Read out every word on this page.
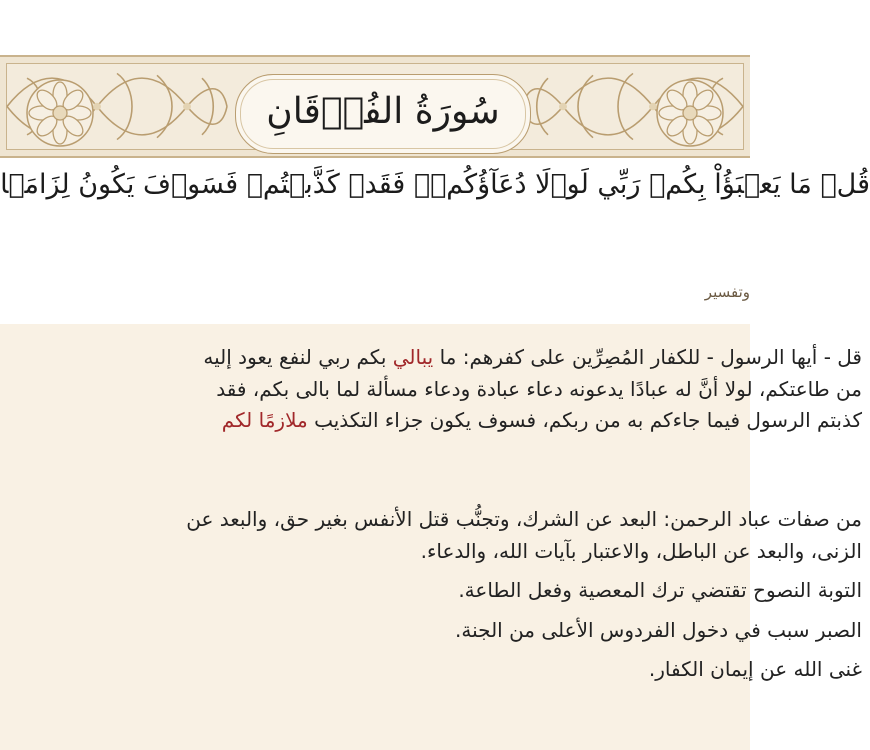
سُورَةُ الفُرۡقَانِ
قُلۡ مَا يَعۡبَؤُاْ بِكُمۡ رَبِّي لَوۡلَا دُعَآؤُكُمۡۖ فَقَدۡ كَذَّبۡتُمۡ فَسَوۡفَ يَكُونُ لِزَامَۢا
وتفسير

قل - أيها الرسول - للكفار المُصِرِّين على كفرهم: ما يبالي بكم ربي لنفع يعود إليه

من طاعتكم، لولا أنَّ له عبادًا يدعونه دعاء عبادة ودعاء مسألة لما بالى بكم، فقد

كذبتم الرسول فيما جاءكم به من ربكم، فسوف يكون جزاء التكذيب ملازمًا لكم

من صفات عباد الرحمن: البعد عن الشرك، وتجنُّب قتل الأنفس بغير حق، والبعد عن

الزنى، والبعد عن الباطل، والاعتبار بآيات الله، والدعاء.

التوبة النصوح تقتضي ترك المعصية وفعل الطاعة.

الصبر سبب في دخول الفردوس الأعلى من الجنة.

غنى الله عن إيمان الكفار.
